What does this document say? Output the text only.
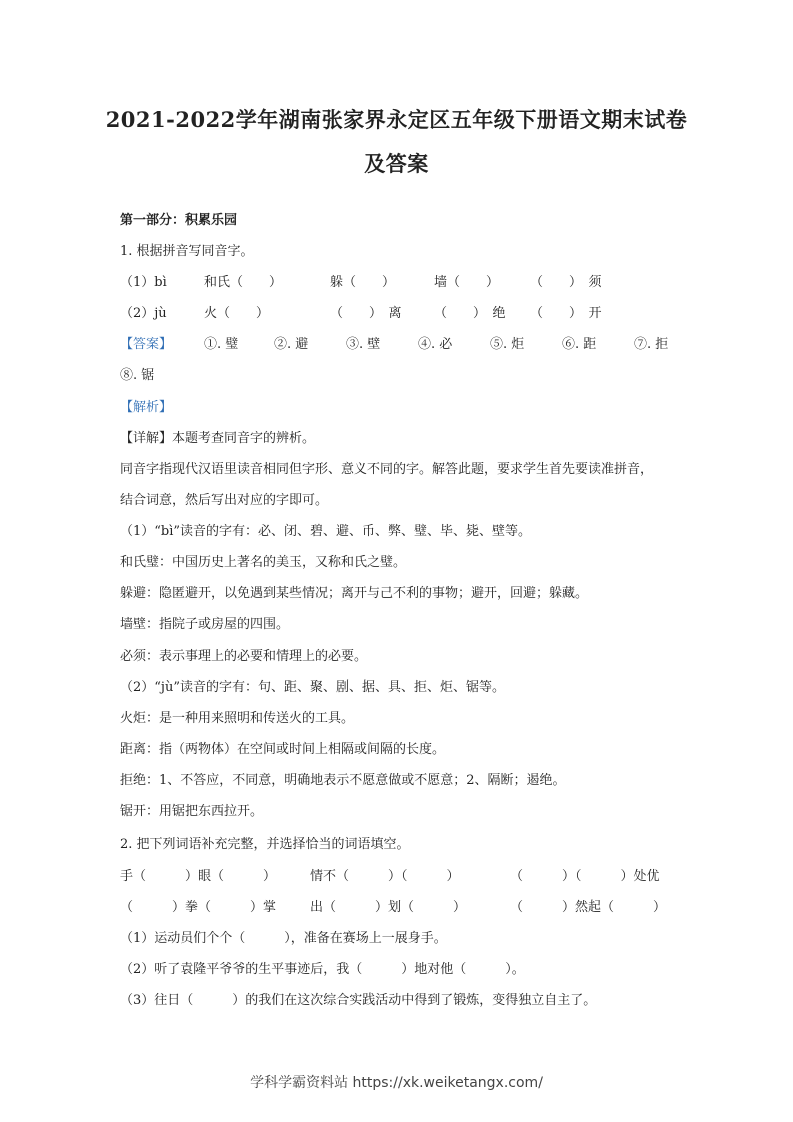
2021-2022学年湖南张家界永定区五年级下册语文期末试卷
及答案
第一部分：积累乐园
1. 根据拼音写同音字。
（1）bì	和氏（　　）	躲（　　）	墙（　　） （　　）　须
（2）jù	火（　　）	（　　）　离 （　　）　绝 （　　）　开
【答案】 ①. 璧	②. 避	③. 壁	④. 必	⑤. 炬	⑥. 距	⑦. 拒
⑧. 锯
【解析】
【详解】本题考查同音字的辨析。
同音字指现代汉语里读音相同但字形、意义不同的字。解答此题，要求学生首先要读准拼音，
结合词意，然后写出对应的字即可。
（1）“bì”读音的字有：必、闭、碧、避、币、弊、璧、毕、毙、壁等。
和氏璧：中国历史上著名的美玉，又称和氏之璧。
躲避：隐匿避开，以免遇到某些情况；离开与己不利的事物；避开，回避；躲藏。
墙壁：指院子或房屋的四围。
必须：表示事理上的必要和情理上的必要。
（2）“jù”读音的字有：句、距、聚、剧、据、具、拒、炬、锯等。
火炬：是一种用来照明和传送火的工具。
距离：指（两物体）在空间或时间上相隔或间隔的长度。
拒绝：1、不答应，不同意，明确地表示不愿意做或不愿意；2、隔断；遏绝。
锯开：用锯把东西拉开。
2. 把下列词语补充完整，并选择恰当的词语填空。
手（　　　）眼（　　　）	情不（　　　）（　　　）	（　　　）（　　　）处优
（　　　）拳（　　　）掌	出（　　　）划（　　　）	（　　　）然起（　　　）
（1）运动员们个个（　　　），准备在赛场上一展身手。
（2）听了袁隆平爷爷的生平事迹后，我（　　　）地对他（　　　）。
（3）往日（　　　）的我们在这次综合实践活动中得到了锻炼，变得独立自主了。
学科学霸资料站 https://xk.weiketangx.com/
